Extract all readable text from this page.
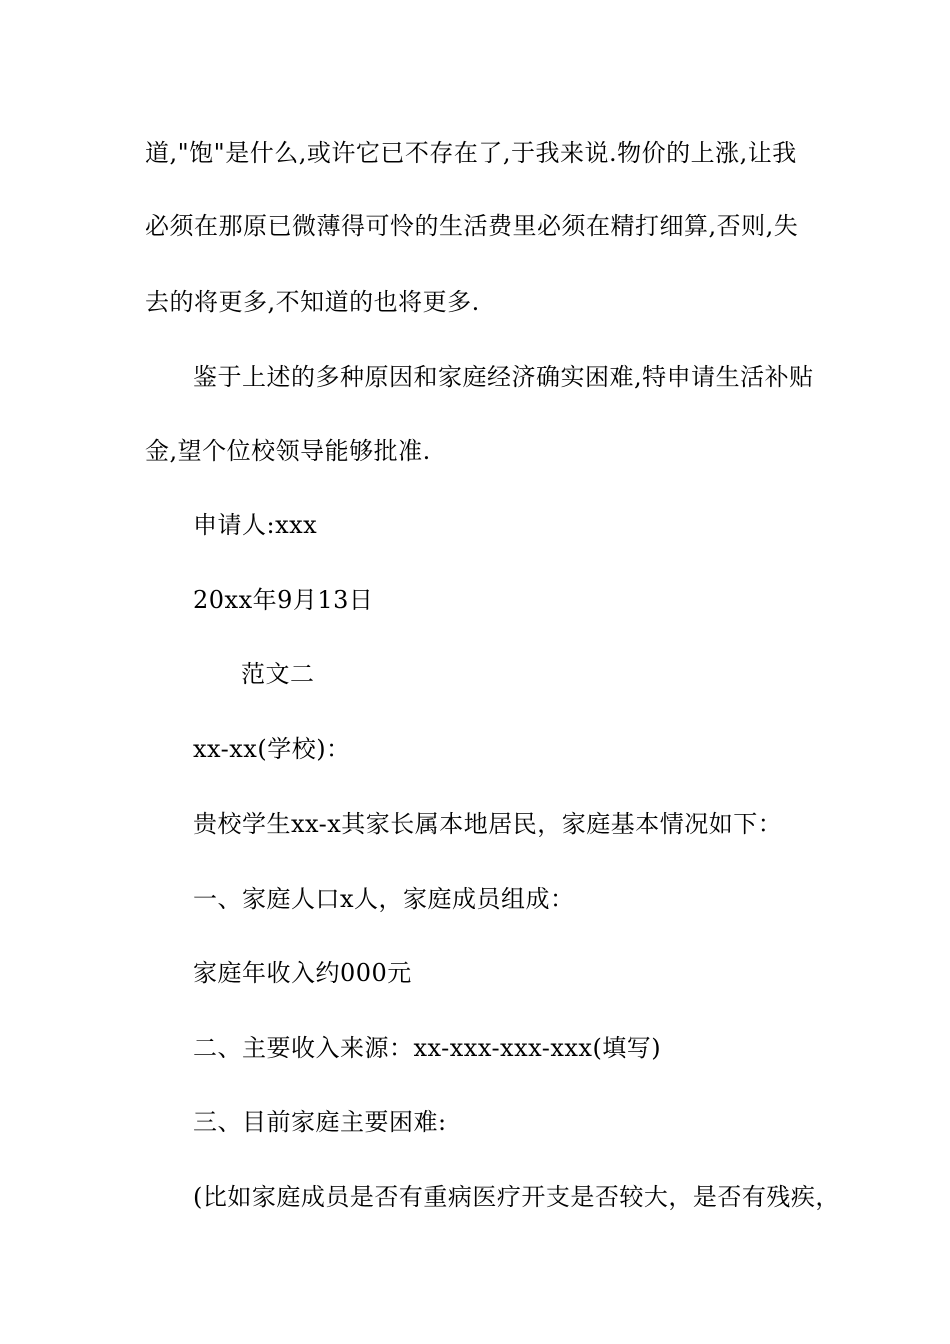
道,"饱"是什么,或许它已不存在了,于我来说.物价的上涨,让我
必须在那原已微薄得可怜的生活费里必须在精打细算,否则,失
去的将更多,不知道的也将更多.
鉴于上述的多种原因和家庭经济确实困难,特申请生活补贴
金,望个位校领导能够批准.
申请人:xxx
20xx年9月13日
范文二
xx-xx(学校)：
贵校学生xx-x其家长属本地居民，家庭基本情况如下：
一、家庭人口x人，家庭成员组成：
家庭年收入约000元
二、主要收入来源：xx-xxx-xxx-xxx(填写)
三、目前家庭主要困难:
(比如家庭成员是否有重病医疗开支是否较大，是否有残疾，
